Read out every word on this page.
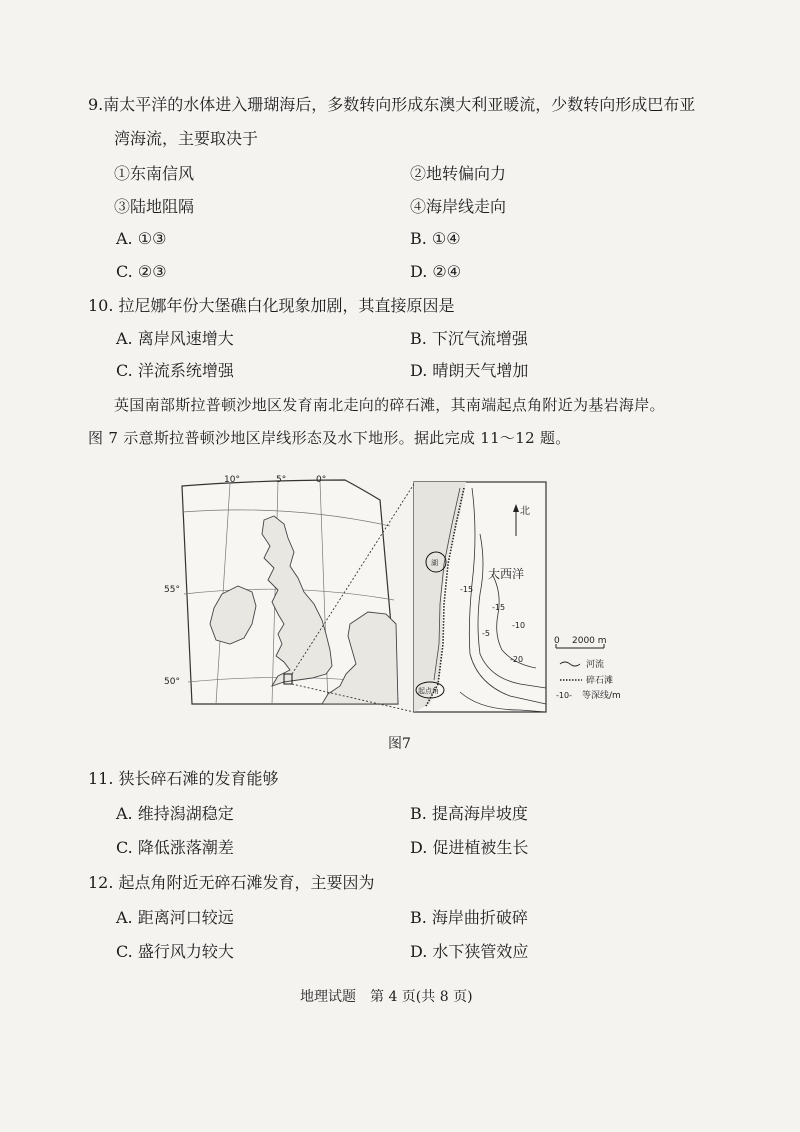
9.南太平洋的水体进入珊瑚海后，多数转向形成东澳大利亚暖流，少数转向形成巴布亚
湾海流，主要取决于
①东南信风	②地转偏向力
③陆地阻隔	④海岸线走向
A. ①③	B. ①④
C. ②③	D. ②④
10. 拉尼娜年份大堡礁白化现象加剧，其直接原因是
A. 离岸风速增大	B. 下沉气流增强
C. 洋流系统增强	D. 晴朗天气增加
英国南部斯拉普顿沙地区发育南北走向的碎石滩，其南端起点角附近为基岩海岸。
图 7 示意斯拉普顿沙地区岸线形态及水下地形。据此完成 11～12 题。
10°	5°	0°
55°
50°
湖
起点角
北
大西洋
-15
-15
-10
-5
-20
0 2000 m
河流
碎石滩
-10- 等深线/m
图7
11. 狭长碎石滩的发育能够
A. 维持潟湖稳定	B. 提高海岸坡度
C. 降低涨落潮差	D. 促进植被生长
12. 起点角附近无碎石滩发育，主要因为
A. 距离河口较远	B. 海岸曲折破碎
C. 盛行风力较大	D. 水下狭管效应
地理试题　第 4 页(共 8 页)
